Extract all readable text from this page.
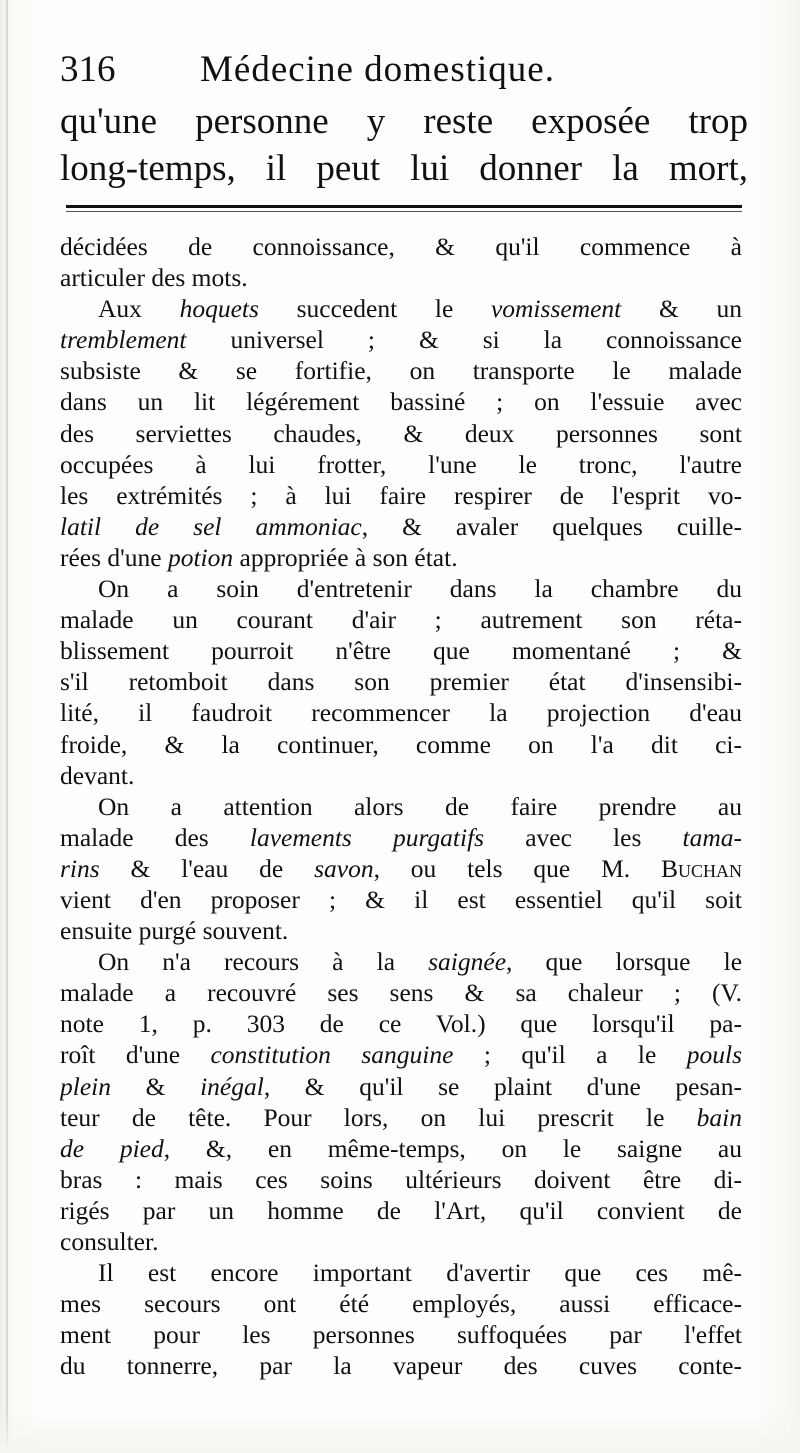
316 Médecine domestique.
qu'une personne y reste exposée trop
long-temps, il peut lui donner la mort,
décidées de connoissance, & qu'il commence à
articuler des mots.
Aux hoquets succedent le vomissement & un
tremblement universel ; & si la connoissance
subsiste & se fortifie, on transporte le malade
dans un lit légérement bassiné ; on l'essuie avec
des serviettes chaudes, & deux personnes sont
occupées à lui frotter, l'une le tronc, l'autre
les extrémités ; à lui faire respirer de l'esprit vo-
latil de sel ammoniac, & avaler quelques cuille-
rées d'une potion appropriée à son état.
On a soin d'entretenir dans la chambre du
malade un courant d'air ; autrement son réta-
blissement pourroit n'être que momentané ; &
s'il retomboit dans son premier état d'insensibi-
lité, il faudroit recommencer la projection d'eau
froide, & la continuer, comme on l'a dit ci-
devant.
On a attention alors de faire prendre au
malade des lavements purgatifs avec les tama-
rins & l'eau de savon, ou tels que M. Buchan
vient d'en proposer ; & il est essentiel qu'il soit
ensuite purgé souvent.
On n'a recours à la saignée, que lorsque le
malade a recouvré ses sens & sa chaleur ; (V.
note 1, p. 303 de ce Vol.) que lorsqu'il pa-
roît d'une constitution sanguine ; qu'il a le pouls
plein & inégal, & qu'il se plaint d'une pesan-
teur de tête. Pour lors, on lui prescrit le bain
de pied, &, en même-temps, on le saigne au
bras : mais ces soins ultérieurs doivent être di-
rigés par un homme de l'Art, qu'il convient de
consulter.
Il est encore important d'avertir que ces mê-
mes secours ont été employés, aussi efficace-
ment pour les personnes suffoquées par l'effet
du tonnerre, par la vapeur des cuves conte-
